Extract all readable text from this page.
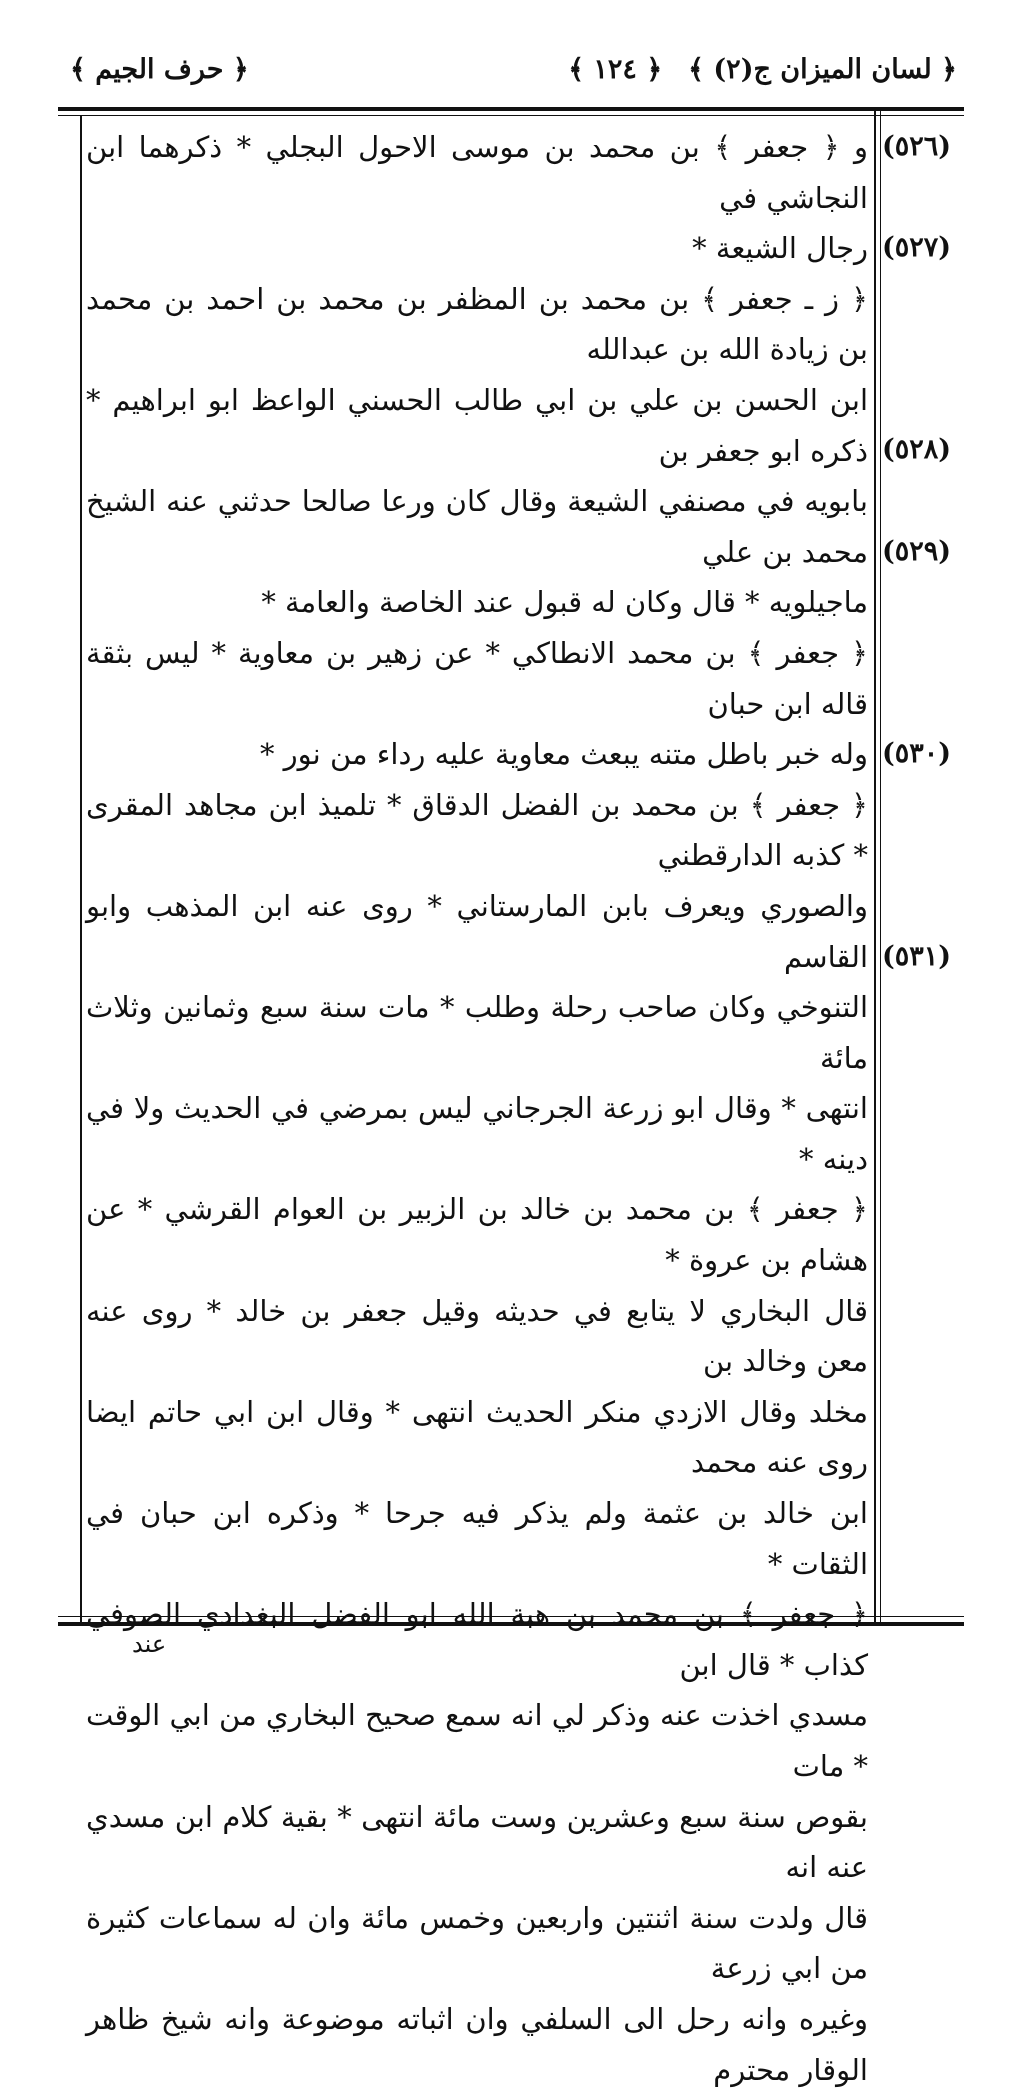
﴿ لسان الميزان ج(٢) ﴾
﴿ ١٢٤ ﴾
﴿ حرف الجيم ﴾
(٥٢٦)
(٥٢٧)
(٥٢٨)
(٥٢٩)
(٥٣٠)
(٥٣١)

و ﴿ جعفر ﴾ بن محمد بن موسى الاحول البجلي * ذكرهما ابن النجاشي في

رجال الشيعة *

﴿ ز ـ جعفر ﴾ بن محمد بن المظفر بن محمد بن احمد بن محمد بن زيادة الله بن عبدالله

ابن الحسن بن علي بن ابي طالب الحسني الواعظ ابو ابراهيم * ذكره ابو جعفر بن

بابويه في مصنفي الشيعة وقال كان ورعا صالحا حدثني عنه الشيخ محمد بن علي

ماجيلويه * قال وكان له قبول عند الخاصة والعامة *

﴿ جعفر ﴾ بن محمد الانطاكي * عن زهير بن معاوية * ليس بثقة قاله ابن حبان

وله خبر باطل متنه يبعث معاوية عليه رداء من نور *

﴿ جعفر ﴾ بن محمد بن الفضل الدقاق * تلميذ ابن مجاهد المقرى * كذبه الدارقطني

والصوري ويعرف بابن المارستاني * روى عنه ابن المذهب وابو القاسم

التنوخي وكان صاحب رحلة وطلب * مات سنة سبع وثمانين وثلاث مائة

انتهى * وقال ابو زرعة الجرجاني ليس بمرضي في الحديث ولا في دينه *

﴿ جعفر ﴾ بن محمد بن خالد بن الزبير بن العوام القرشي * عن هشام بن عروة *

قال البخاري لا يتابع في حديثه وقيل جعفر بن خالد * روى عنه معن وخالد بن

مخلد وقال الازدي منكر الحديث انتهى * وقال ابن ابي حاتم ايضا روى عنه محمد

ابن خالد بن عثمة ولم يذكر فيه جرحا * وذكره ابن حبان في الثقات *

﴿ جعفر ﴾ بن محمد بن هبة الله ابو الفضل البغدادي الصوفي كذاب * قال ابن

مسدي اخذت عنه وذكر لي انه سمع صحيح البخاري من ابي الوقت * مات

بقوص سنة سبع وعشرين وست مائة انتهى * بقية كلام ابن مسدي عنه انه

قال ولدت سنة اثنتين واربعين وخمس مائة وان له سماعات كثيرة من ابي زرعة

وغيره وانه رحل الى السلفي وان اثباته موضوعة وانه شيخ ظاهر الوقار محترم

عند
